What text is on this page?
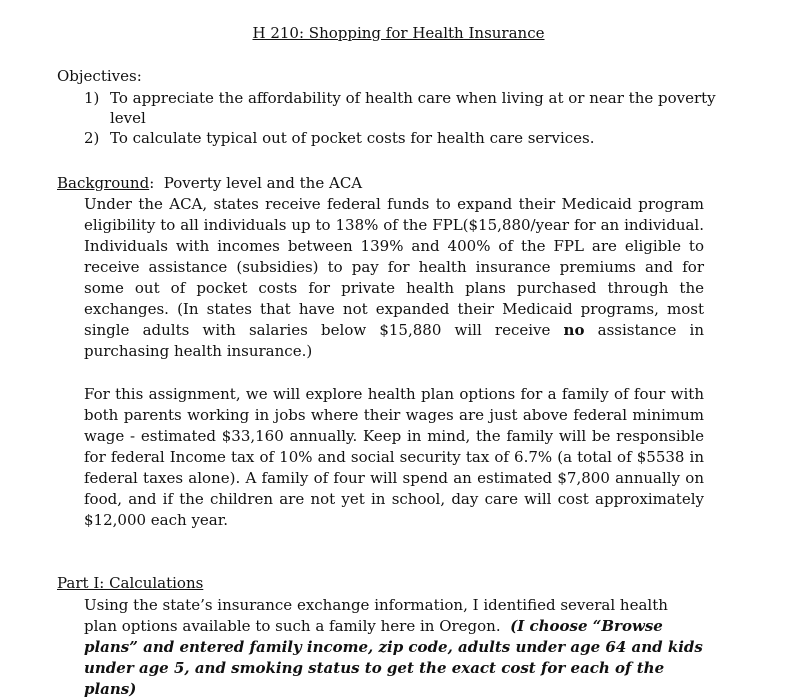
H 210: Shopping for Health Insurance
Objectives:
1) To appreciate the affordability of health care when living at or near the poverty level
2) To calculate typical out of pocket costs for health care services.
Background:  Poverty level and the ACA
Under the ACA, states receive federal funds to expand their Medicaid program eligibility to all individuals up to 138% of the FPL($15,880/year for an individual. Individuals with incomes between 139% and 400% of the FPL are eligible to receive assistance (subsidies) to pay for health insurance premiums and for some out of pocket costs for private health plans purchased through the exchanges. (In states that have not expanded their Medicaid programs, most single adults with salaries below $15,880 will receive no assistance in purchasing health insurance.)
For this assignment, we will explore health plan options for a family of four with both parents working in jobs where their wages are just above federal minimum wage - estimated $33,160 annually. Keep in mind, the family will be responsible for federal Income tax of 10% and social security tax of 6.7% (a total of $5538 in federal taxes alone). A family of four will spend an estimated $7,800 annually on food, and if the children are not yet in school, day care will cost approximately $12,000 each year.
Part I: Calculations
Using the state’s insurance exchange information, I identified several health plan options available to such a family here in Oregon.  (I choose “Browse plans” and entered family income, zip code, adults under age 64 and kids under age 5, and smoking status to get the exact cost for each of the plans)
